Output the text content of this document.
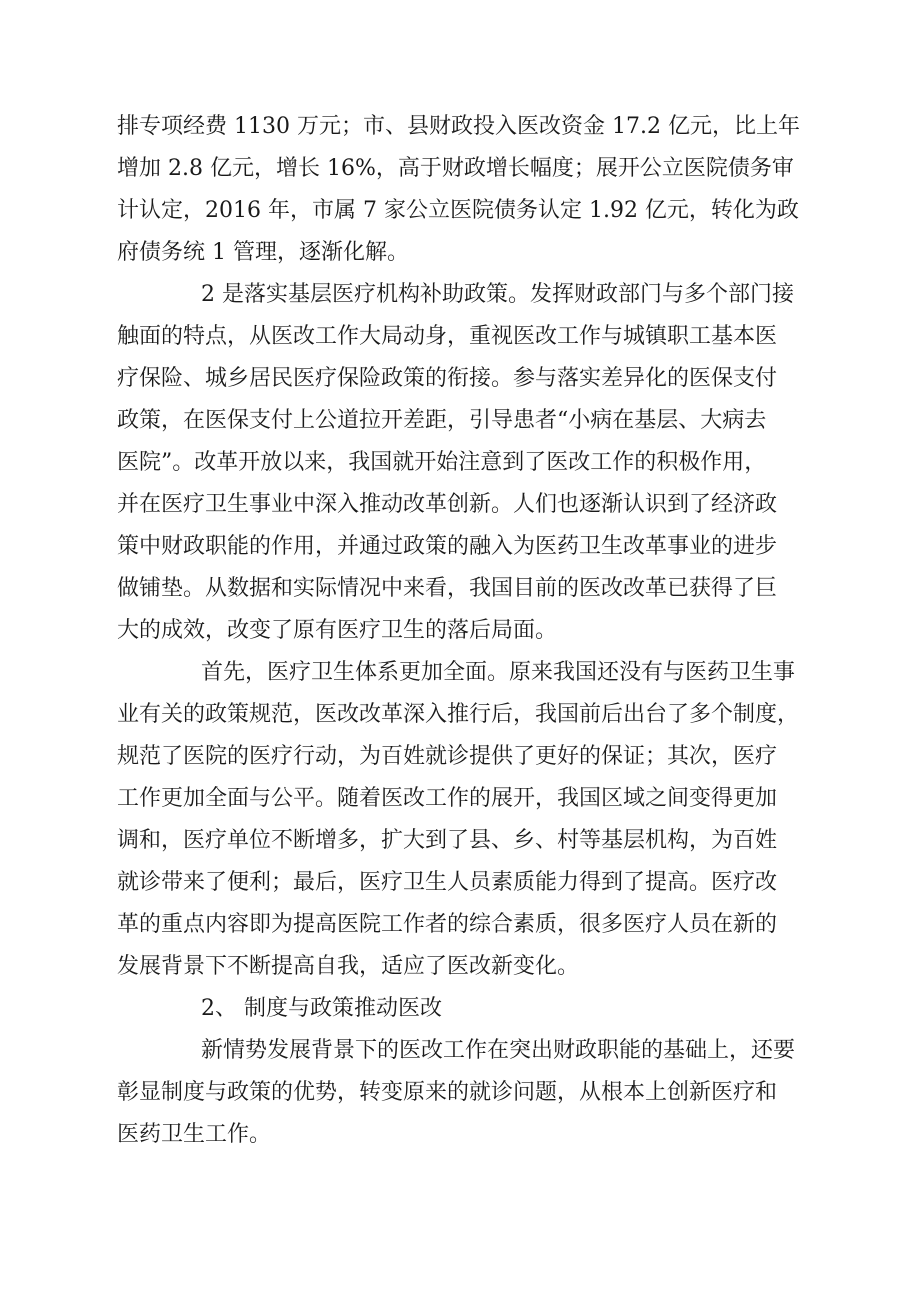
排专项经费 1130 万元；市、县财政投入医改资金 17.2 亿元，比上年
增加 2.8 亿元，增长 16%，高于财政增长幅度；展开公立医院债务审
计认定，2016 年，市属 7 家公立医院债务认定 1.92 亿元，转化为政
府债务统 1 管理，逐渐化解。
2 是落实基层医疗机构补助政策。发挥财政部门与多个部门接
触面的特点，从医改工作大局动身，重视医改工作与城镇职工基本医
疗保险、城乡居民医疗保险政策的衔接。参与落实差异化的医保支付
政策，在医保支付上公道拉开差距，引导患者“小病在基层、大病去
医院”。改革开放以来，我国就开始注意到了医改工作的积极作用，
并在医疗卫生事业中深入推动改革创新。人们也逐渐认识到了经济政
策中财政职能的作用，并通过政策的融入为医药卫生改革事业的进步
做铺垫。从数据和实际情况中来看，我国目前的医改改革已获得了巨
大的成效，改变了原有医疗卫生的落后局面。
首先，医疗卫生体系更加全面。原来我国还没有与医药卫生事
业有关的政策规范，医改改革深入推行后，我国前后出台了多个制度，
规范了医院的医疗行动，为百姓就诊提供了更好的保证；其次，医疗
工作更加全面与公平。随着医改工作的展开，我国区域之间变得更加
调和，医疗单位不断增多，扩大到了县、乡、村等基层机构，为百姓
就诊带来了便利；最后，医疗卫生人员素质能力得到了提高。医疗改
革的重点内容即为提高医院工作者的综合素质，很多医疗人员在新的
发展背景下不断提高自我，适应了医改新变化。
2、 制度与政策推动医改
新情势发展背景下的医改工作在突出财政职能的基础上，还要
彰显制度与政策的优势，转变原来的就诊问题，从根本上创新医疗和
医药卫生工作。
